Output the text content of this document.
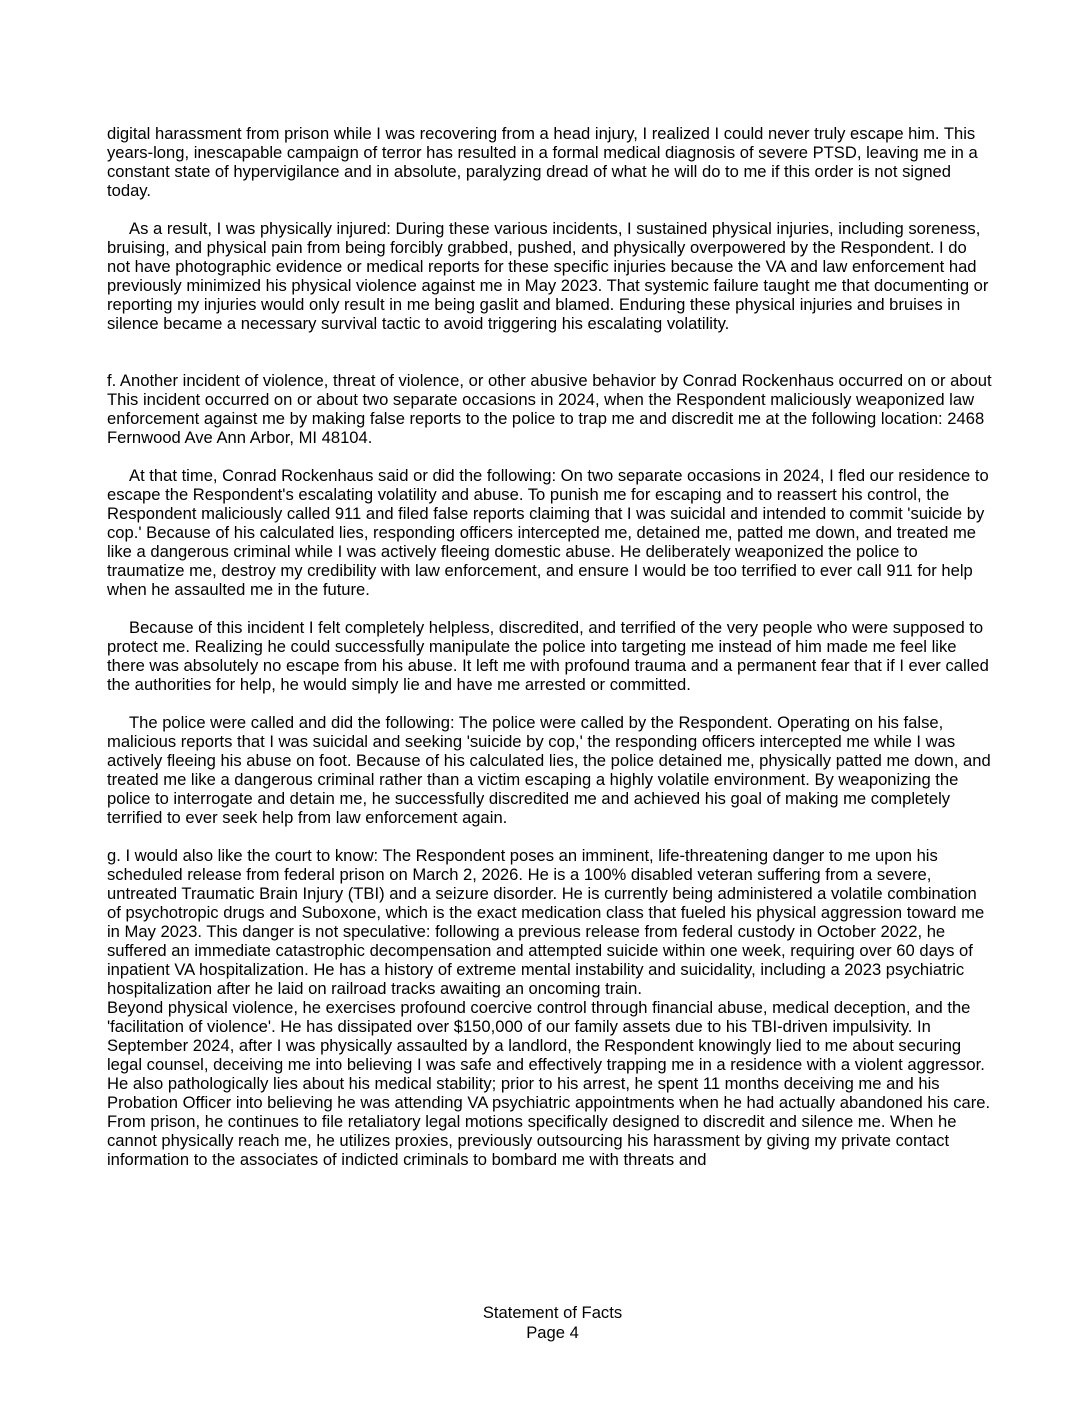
digital harassment from prison while I was recovering from a head injury, I realized I could never truly escape him. This years-long, inescapable campaign of terror has resulted in a formal medical diagnosis of severe PTSD, leaving me in a constant state of hypervigilance and in absolute, paralyzing dread of what he will do to me if this order is not signed today.

As a result, I was physically injured: During these various incidents, I sustained physical injuries, including soreness, bruising, and physical pain from being forcibly grabbed, pushed, and physically overpowered by the Respondent. I do not have photographic evidence or medical reports for these specific injuries because the VA and law enforcement had previously minimized his physical violence against me in May 2023. That systemic failure taught me that documenting or reporting my injuries would only result in me being gaslit and blamed. Enduring these physical injuries and bruises in silence became a necessary survival tactic to avoid triggering his escalating volatility.

f. Another incident of violence, threat of violence, or other abusive behavior by Conrad Rockenhaus occurred on or about This incident occurred on or about two separate occasions in 2024, when the Respondent maliciously weaponized law enforcement against me by making false reports to the police to trap me and discredit me at the following location: 2468 Fernwood Ave Ann Arbor, MI 48104.

At that time, Conrad Rockenhaus said or did the following: On two separate occasions in 2024, I fled our residence to escape the Respondent's escalating volatility and abuse. To punish me for escaping and to reassert his control, the Respondent maliciously called 911 and filed false reports claiming that I was suicidal and intended to commit 'suicide by cop.' Because of his calculated lies, responding officers intercepted me, detained me, patted me down, and treated me like a dangerous criminal while I was actively fleeing domestic abuse. He deliberately weaponized the police to traumatize me, destroy my credibility with law enforcement, and ensure I would be too terrified to ever call 911 for help when he assaulted me in the future.

Because of this incident I felt completely helpless, discredited, and terrified of the very people who were supposed to protect me. Realizing he could successfully manipulate the police into targeting me instead of him made me feel like there was absolutely no escape from his abuse. It left me with profound trauma and a permanent fear that if I ever called the authorities for help, he would simply lie and have me arrested or committed.

The police were called and did the following: The police were called by the Respondent. Operating on his false, malicious reports that I was suicidal and seeking 'suicide by cop,' the responding officers intercepted me while I was actively fleeing his abuse on foot. Because of his calculated lies, the police detained me, physically patted me down, and treated me like a dangerous criminal rather than a victim escaping a highly volatile environment. By weaponizing the police to interrogate and detain me, he successfully discredited me and achieved his goal of making me completely terrified to ever seek help from law enforcement again.

g. I would also like the court to know: The Respondent poses an imminent, life-threatening danger to me upon his scheduled release from federal prison on March 2, 2026. He is a 100% disabled veteran suffering from a severe, untreated Traumatic Brain Injury (TBI) and a seizure disorder. He is currently being administered a volatile combination of psychotropic drugs and Suboxone, which is the exact medication class that fueled his physical aggression toward me in May 2023. This danger is not speculative: following a previous release from federal custody in October 2022, he suffered an immediate catastrophic decompensation and attempted suicide within one week, requiring over 60 days of inpatient VA hospitalization. He has a history of extreme mental instability and suicidality, including a 2023 psychiatric hospitalization after he laid on railroad tracks awaiting an oncoming train.

Beyond physical violence, he exercises profound coercive control through financial abuse, medical deception, and the 'facilitation of violence'. He has dissipated over $150,000 of our family assets due to his TBI-driven impulsivity. In September 2024, after I was physically assaulted by a landlord, the Respondent knowingly lied to me about securing legal counsel, deceiving me into believing I was safe and effectively trapping me in a residence with a violent aggressor. He also pathologically lies about his medical stability; prior to his arrest, he spent 11 months deceiving me and his Probation Officer into believing he was attending VA psychiatric appointments when he had actually abandoned his care.

From prison, he continues to file retaliatory legal motions specifically designed to discredit and silence me. When he cannot physically reach me, he utilizes proxies, previously outsourcing his harassment by giving my private contact information to the associates of indicted criminals to bombard me with threats and

Statement of Facts
Page 4
